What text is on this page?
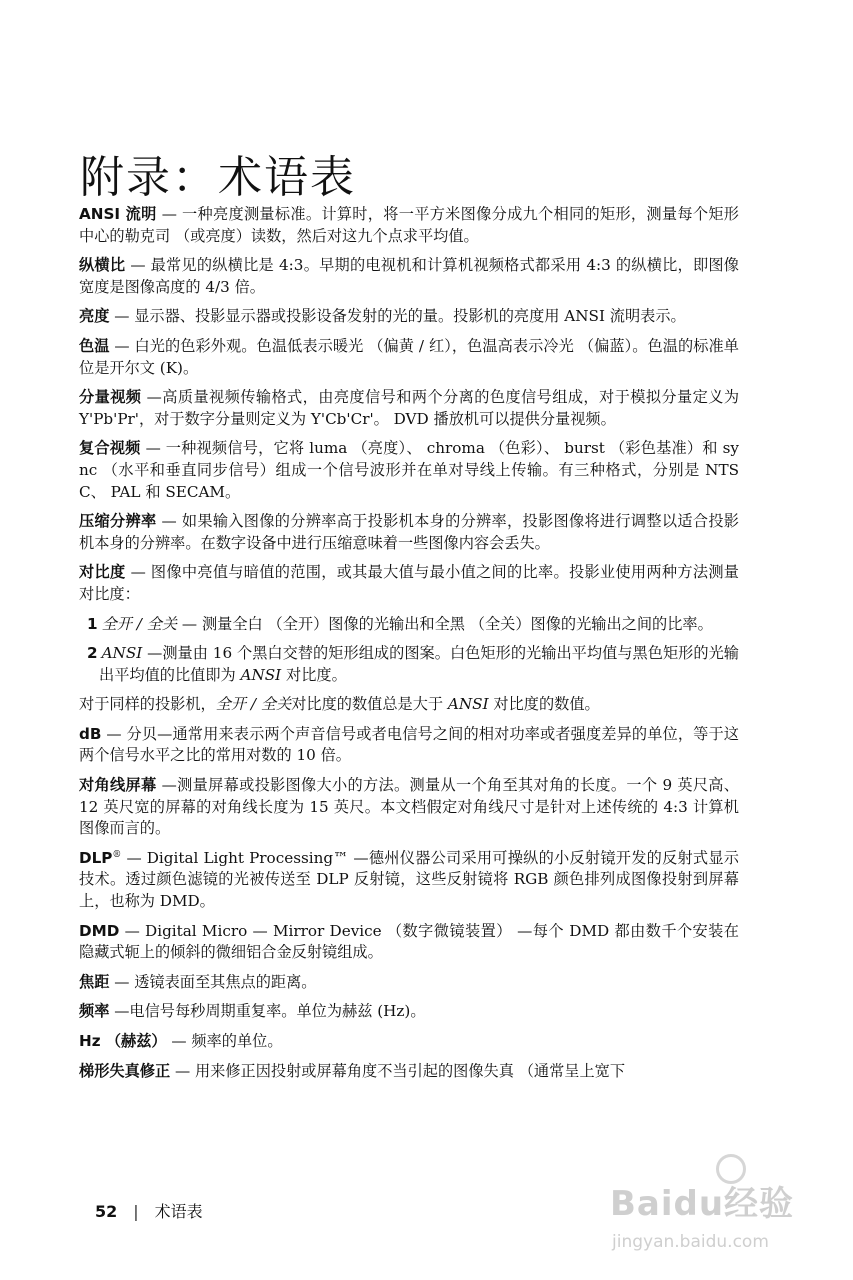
附录：术语表

ANSI 流明 — 一种亮度测量标准。计算时，将一平方米图像分成九个相同的矩形，测量每个矩形中心的勒克司 （或亮度）读数，然后对这九个点求平均值。

纵横比 — 最常见的纵横比是 4:3。早期的电视机和计算机视频格式都采用 4:3 的纵横比，即图像宽度是图像高度的 4/3 倍。

亮度 — 显示器、投影显示器或投影设备发射的光的量。投影机的亮度用 ANSI 流明表示。

色温 — 白光的色彩外观。色温低表示暖光 （偏黄 / 红），色温高表示冷光 （偏蓝）。色温的标准单位是开尔文 (K)。

分量视频 —高质量视频传输格式，由亮度信号和两个分离的色度信号组成，对于模拟分量定义为 Y'Pb'Pr'，对于数字分量则定义为 Y'Cb'Cr'。 DVD 播放机可以提供分量视频。

复合视频 — 一种视频信号，它将 luma （亮度）、 chroma （色彩）、 burst （彩色基准）和 sync （水平和垂直同步信号）组成一个信号波形并在单对导线上传输。有三种格式，分别是 NTSC、 PAL 和 SECAM。

压缩分辨率 — 如果输入图像的分辨率高于投影机本身的分辨率，投影图像将进行调整以适合投影机本身的分辨率。在数字设备中进行压缩意味着一些图像内容会丢失。

对比度 — 图像中亮值与暗值的范围，或其最大值与最小值之间的比率。投影业使用两种方法测量对比度：

1 全开 / 全关 — 测量全白 （全开）图像的光输出和全黑 （全关）图像的光输出之间的比率。

2 ANSI —测量由 16 个黑白交替的矩形组成的图案。白色矩形的光输出平均值与黑色矩形的光输出平均值的比值即为 ANSI 对比度。

对于同样的投影机，全开 / 全关对比度的数值总是大于 ANSI 对比度的数值。

dB — 分贝—通常用来表示两个声音信号或者电信号之间的相对功率或者强度差异的单位，等于这两个信号水平之比的常用对数的 10 倍。

对角线屏幕 —测量屏幕或投影图像大小的方法。测量从一个角至其对角的长度。一个 9 英尺高、 12 英尺宽的屏幕的对角线长度为 15 英尺。本文档假定对角线尺寸是针对上述传统的 4:3 计算机图像而言的。

DLP® — Digital Light Processing™ —德州仪器公司采用可操纵的小反射镜开发的反射式显示技术。透过颜色滤镜的光被传送至 DLP 反射镜，这些反射镜将 RGB 颜色排列成图像投射到屏幕上，也称为 DMD。

DMD — Digital Micro — Mirror Device （数字微镜装置） —每个 DMD 都由数千个安装在隐藏式轭上的倾斜的微细铝合金反射镜组成。

焦距 — 透镜表面至其焦点的距离。

频率 —电信号每秒周期重复率。单位为赫兹 (Hz)。

Hz （赫兹） — 频率的单位。

梯形失真修正 — 用来修正因投射或屏幕角度不当引起的图像失真 （通常呈上宽下

52 | 术语表	Baidu经验
jingyan.baidu.com
